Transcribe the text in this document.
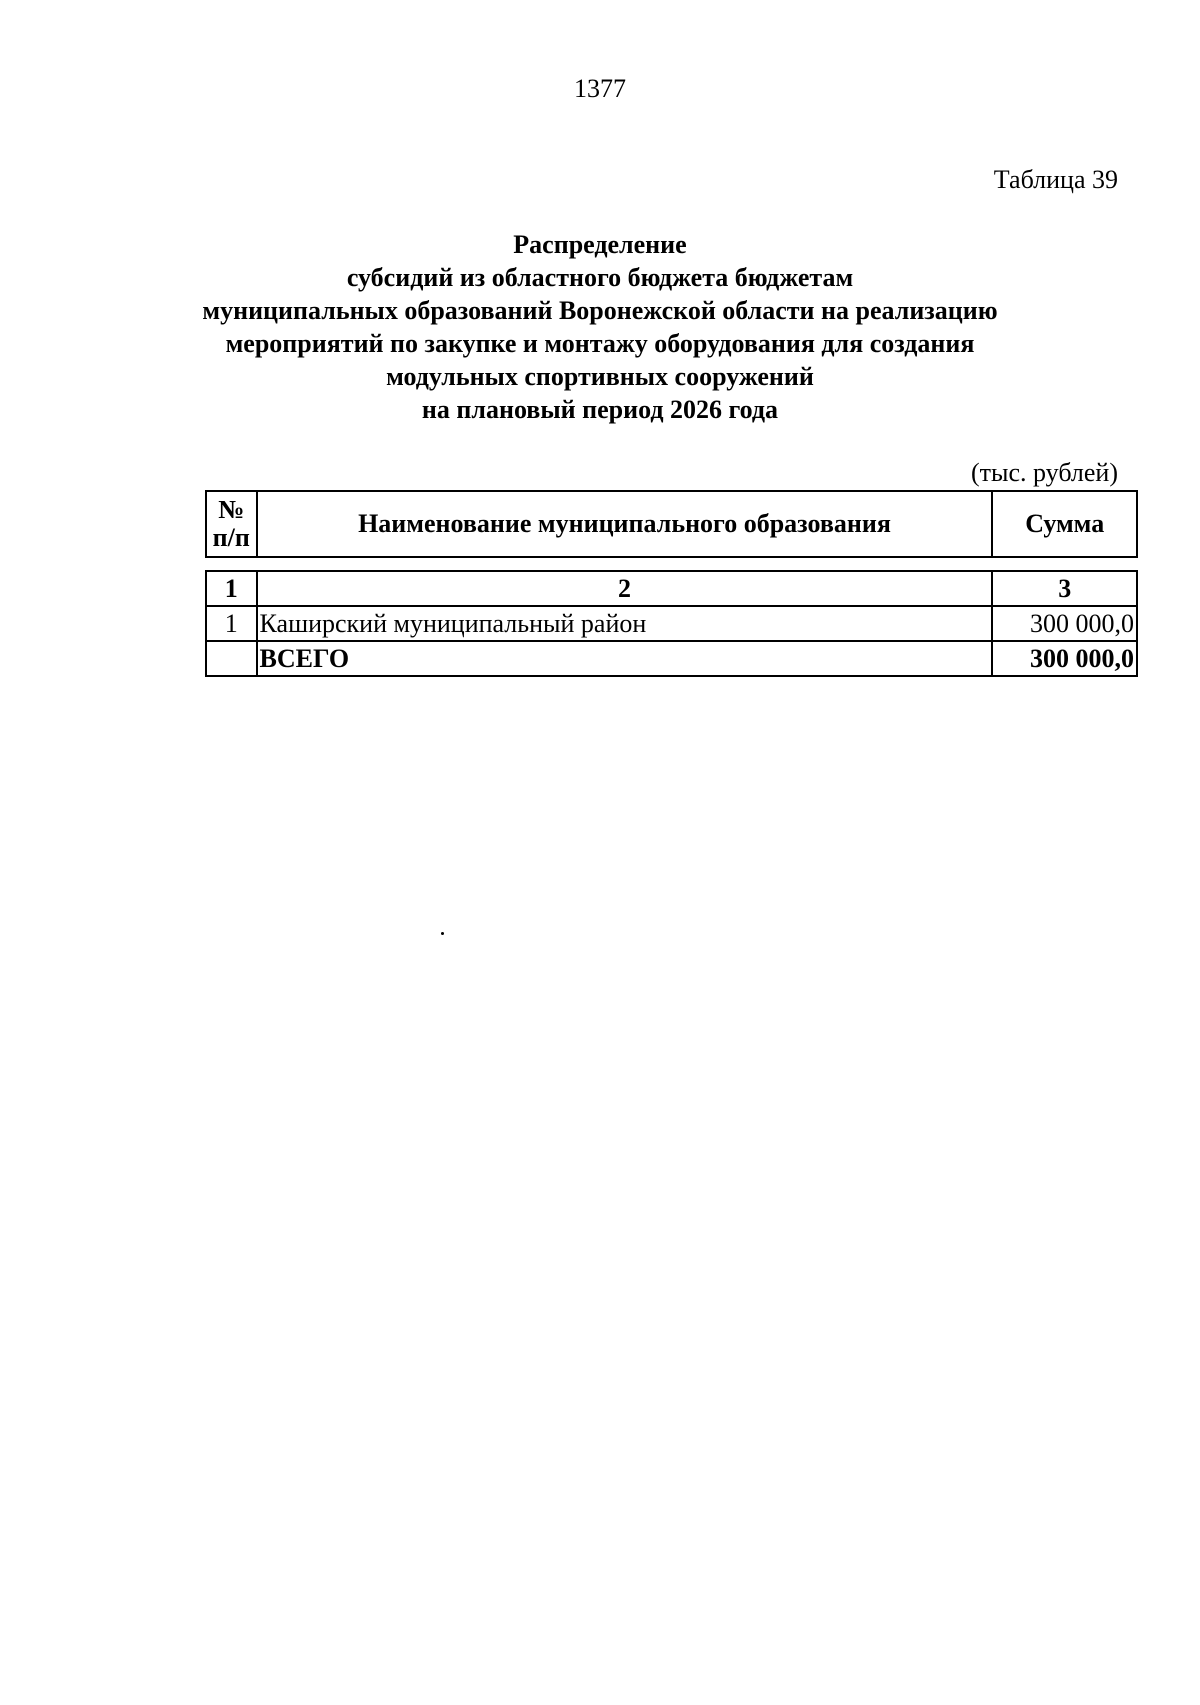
1377
Таблица 39
Распределение
субсидий из областного бюджета бюджетам
муниципальных образований Воронежской области на реализацию
мероприятий по закупке и монтажу оборудования для создания
модульных спортивных сооружений
на плановый период 2026 года
(тыс. рублей)
№ п/п	Наименование муниципального образования	Сумма
1	2	3
1	Каширский муниципальный район	300 000,0
	ВСЕГО	300 000,0
